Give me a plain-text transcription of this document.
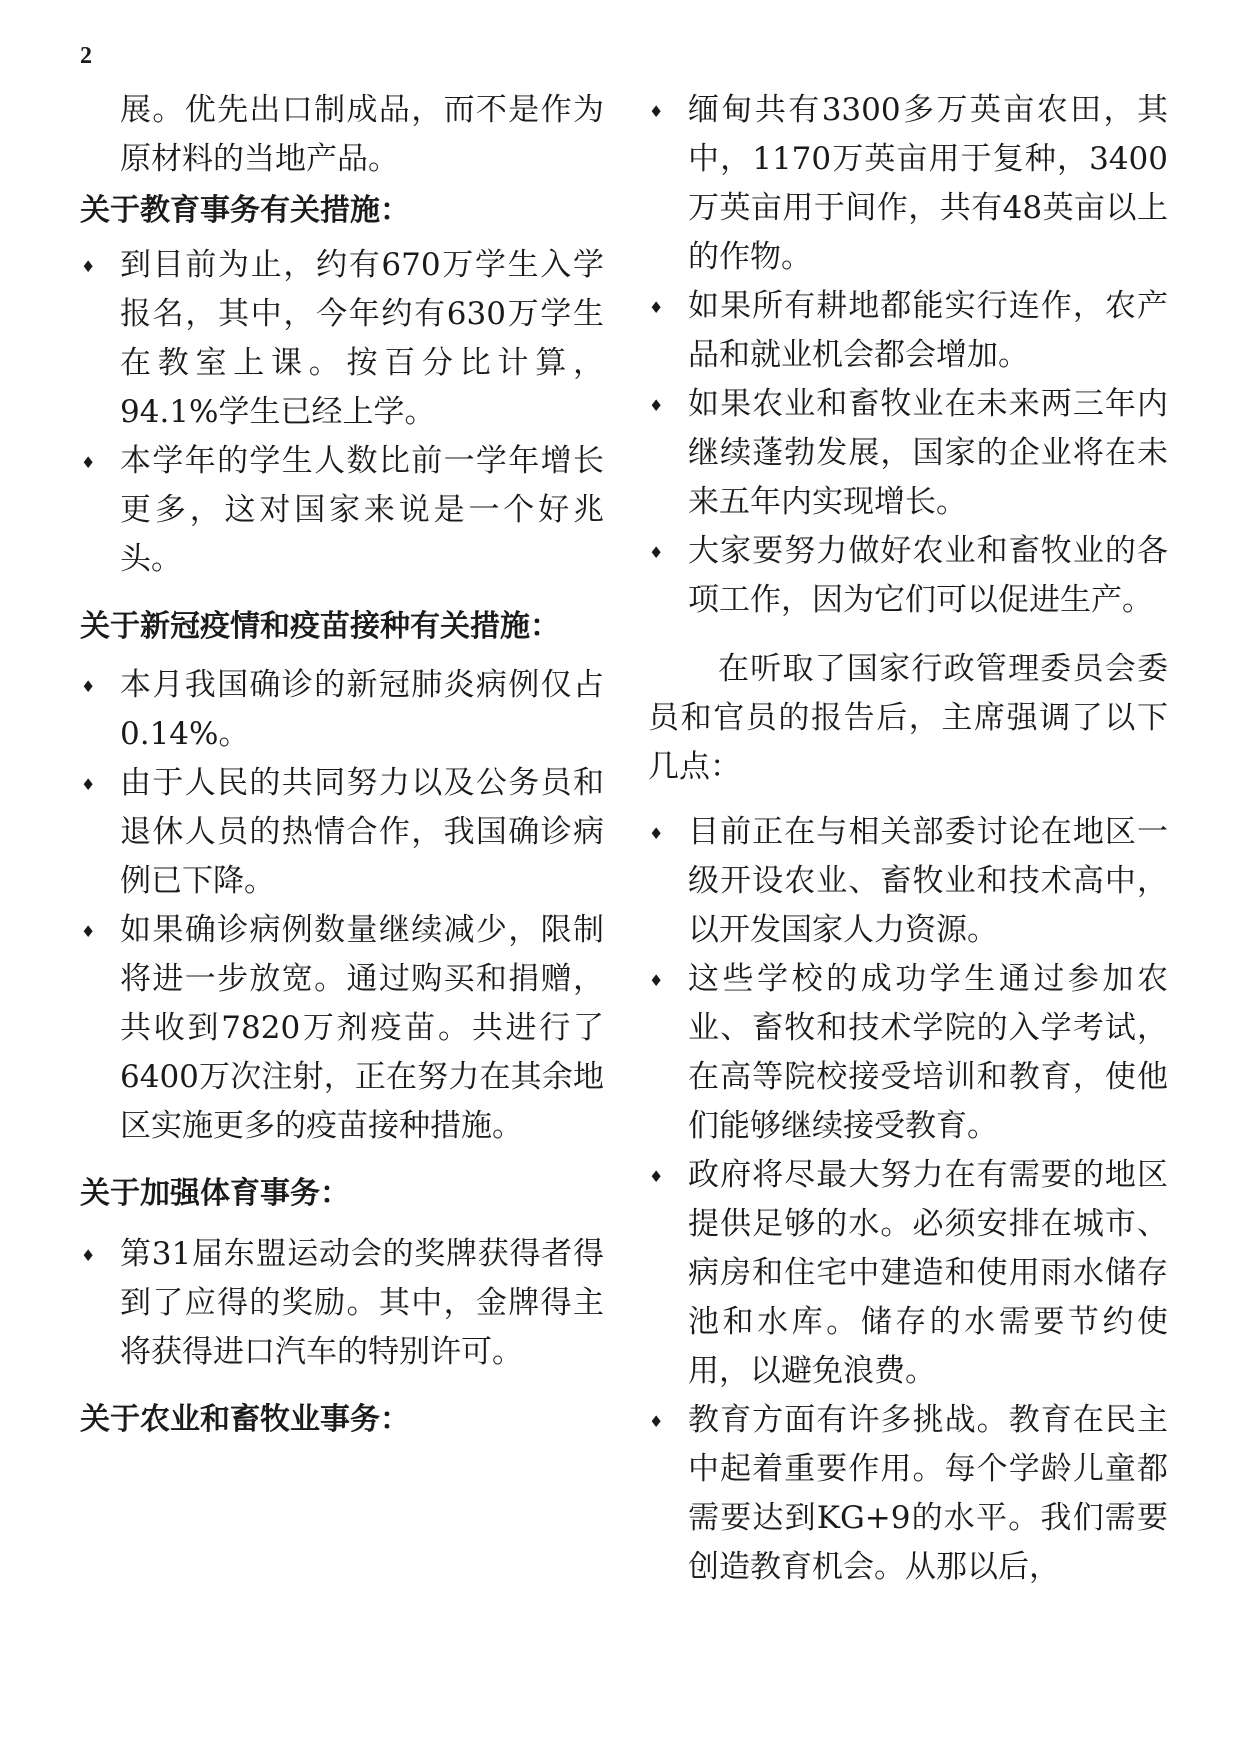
2

展。优先出口制成品，而不是作为原材料的当地产品。

关于教育事务有关措施：
♦ 到目前为止，约有670万学生入学报名，其中，今年约有630万学生在教室上课。按百分比计算，94.1%学生已经上学。
♦ 本学年的学生人数比前一学年增长更多，这对国家来说是一个好兆头。
关于新冠疫情和疫苗接种有关措施：
♦ 本月我国确诊的新冠肺炎病例仅占0.14%。
♦ 由于人民的共同努力以及公务员和退休人员的热情合作，我国确诊病例已下降。
♦ 如果确诊病例数量继续减少，限制将进一步放宽。通过购买和捐赠，共收到7820万剂疫苗。共进行了6400万次注射，正在努力在其余地区实施更多的疫苗接种措施。
关于加强体育事务：
♦ 第31届东盟运动会的奖牌获得者得到了应得的奖励。其中，金牌得主将获得进口汽车的特别许可。
关于农业和畜牧业事务：
♦ 缅甸共有3300多万英亩农田，其中，1170万英亩用于复种，3400万英亩用于间作，共有48英亩以上的作物。
♦ 如果所有耕地都能实行连作，农产品和就业机会都会增加。
♦ 如果农业和畜牧业在未来两三年内继续蓬勃发展，国家的企业将在未来五年内实现增长。
♦ 大家要努力做好农业和畜牧业的各项工作，因为它们可以促进生产。

在听取了国家行政管理委员会委员和官员的报告后，主席强调了以下几点：

♦ 目前正在与相关部委讨论在地区一级开设农业、畜牧业和技术高中，以开发国家人力资源。
♦ 这些学校的成功学生通过参加农业、畜牧和技术学院的入学考试，在高等院校接受培训和教育，使他们能够继续接受教育。
♦ 政府将尽最大努力在有需要的地区提供足够的水。必须安排在城市、病房和住宅中建造和使用雨水储存池和水库。储存的水需要节约使用，以避免浪费。
♦ 教育方面有许多挑战。教育在民主中起着重要作用。每个学龄儿童都需要达到KG+9的水平。我们需要创造教育机会。从那以后，
